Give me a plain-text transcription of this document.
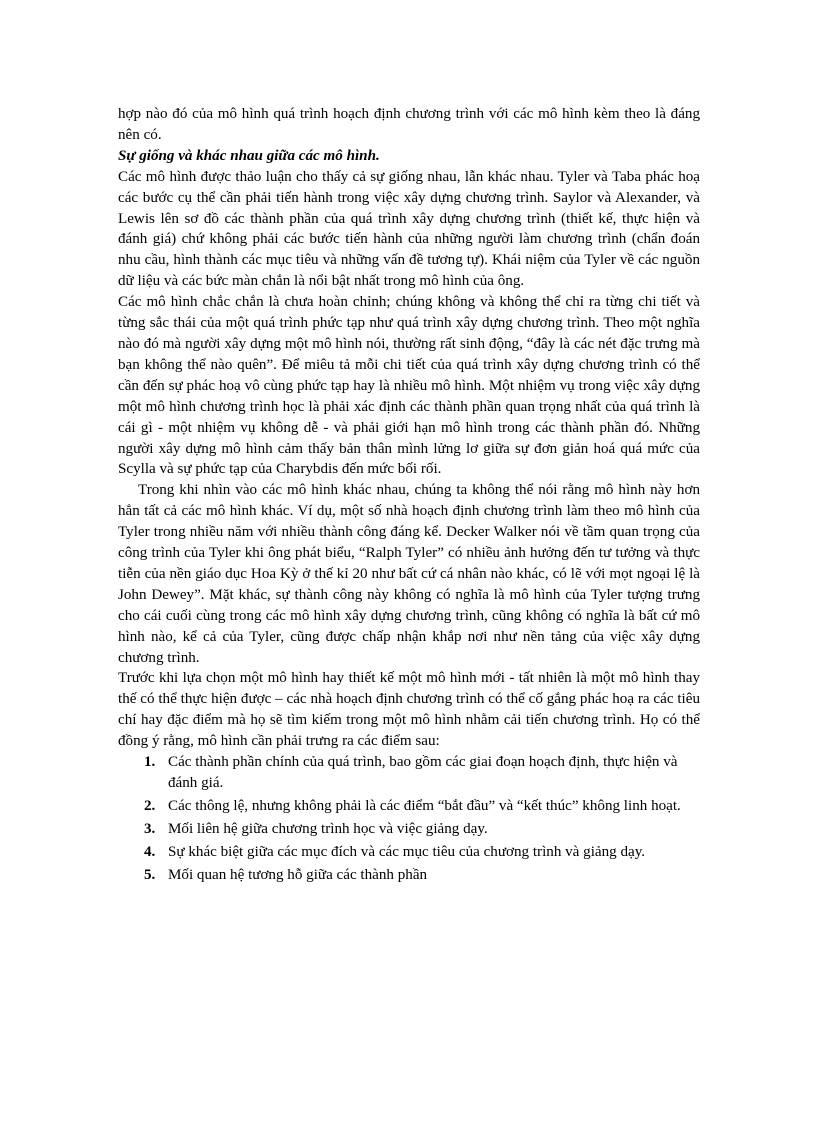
hợp nào đó của mô hình quá trình hoạch định chương trình với các mô hình kèm theo là đáng nên có.

Sự giống và khác nhau giữa các mô hình.

Các mô hình được thảo luận cho thấy cả sự giống nhau, lẫn khác nhau. Tyler và Taba phác hoạ các bước cụ thể cần phải tiến hành trong việc xây dựng chương trình. Saylor và Alexander, và Lewis lên sơ đồ các thành phần của quá trình xây dựng chương trình (thiết kế, thực hiện và đánh giá) chứ không phải các bước tiến hành của những người làm chương trình (chẩn đoán nhu cầu, hình thành các mục tiêu và những vấn đề tương tự). Khái niệm của Tyler về các nguồn dữ liệu và các bức màn chắn là nổi bật nhất trong mô hình của ông.

Các mô hình chắc chắn là chưa hoàn chỉnh; chúng không và không thể chỉ ra từng chi tiết và từng sắc thái của một quá trình phức tạp như quá trình xây dựng chương trình. Theo một nghĩa nào đó mà người xây dựng một mô hình nói, thường rất sinh động, “đây là các nét đặc trưng mà bạn không thể nào quên”. Để miêu tả mỗi chi tiết của quá trình xây dựng chương trình có thể cần đến sự phác hoạ vô cùng phức tạp hay là nhiều mô hình. Một nhiệm vụ trong việc xây dựng một mô hình chương trình học là phải xác định các thành phần quan trọng nhất của quá trình là cái gì - một nhiệm vụ không dễ - và phải giới hạn mô hình trong các thành phần đó. Những người xây dựng mô hình cảm thấy bản thân mình lửng lơ giữa sự đơn giản hoá quá mức của Scylla và sự phức tạp của Charybdis đến mức bối rối.

Trong khi nhìn vào các mô hình khác nhau, chúng ta không thể nói rằng mô hình này hơn hẳn tất cả các mô hình khác. Ví dụ, một số nhà hoạch định chương trình làm theo mô hình của Tyler trong nhiều năm với nhiều thành công đáng kể. Decker Walker nói về tầm quan trọng của công trình của Tyler khi ông phát biểu, “Ralph Tyler” có nhiều ảnh hưởng đến tư tưởng và thực tiễn của nền giáo dục Hoa Kỳ ở thế kỉ 20 như bất cứ cá nhân nào khác, có lẽ với mọt ngoại lệ là John Dewey”. Mặt khác, sự thành công này không có nghĩa là mô hình của Tyler tượng trưng cho cái cuối cùng trong các mô hình xây dựng chương trình, cũng không có nghĩa là bất cứ mô hình nào, kể cả của Tyler, cũng được chấp nhận khắp nơi như nền tảng của việc xây dựng chương trình.

Trước khi lựa chọn một mô hình hay thiết kế một mô hình mới - tất nhiên là một mô hình thay thế có thể thực hiện được – các nhà hoạch định chương trình có thể cố gắng phác hoạ ra các tiêu chí hay đặc điểm mà họ sẽ tìm kiếm trong một mô hình nhằm cải tiến chương trình. Họ có thể đồng ý rằng, mô hình cần phải trưng ra các điểm sau:

1. Các thành phần chính của quá trình, bao gồm các giai đoạn hoạch định, thực hiện và đánh giá.
2. Các thông lệ, nhưng không phải là các điểm “bắt đầu” và “kết thúc” không linh hoạt.
3. Mối liên hệ giữa chương trình học và việc giảng dạy.
4. Sự khác biệt giữa các mục đích và các mục tiêu của chương trình và giảng dạy.
5. Mối quan hệ tương hỗ giữa các thành phần
